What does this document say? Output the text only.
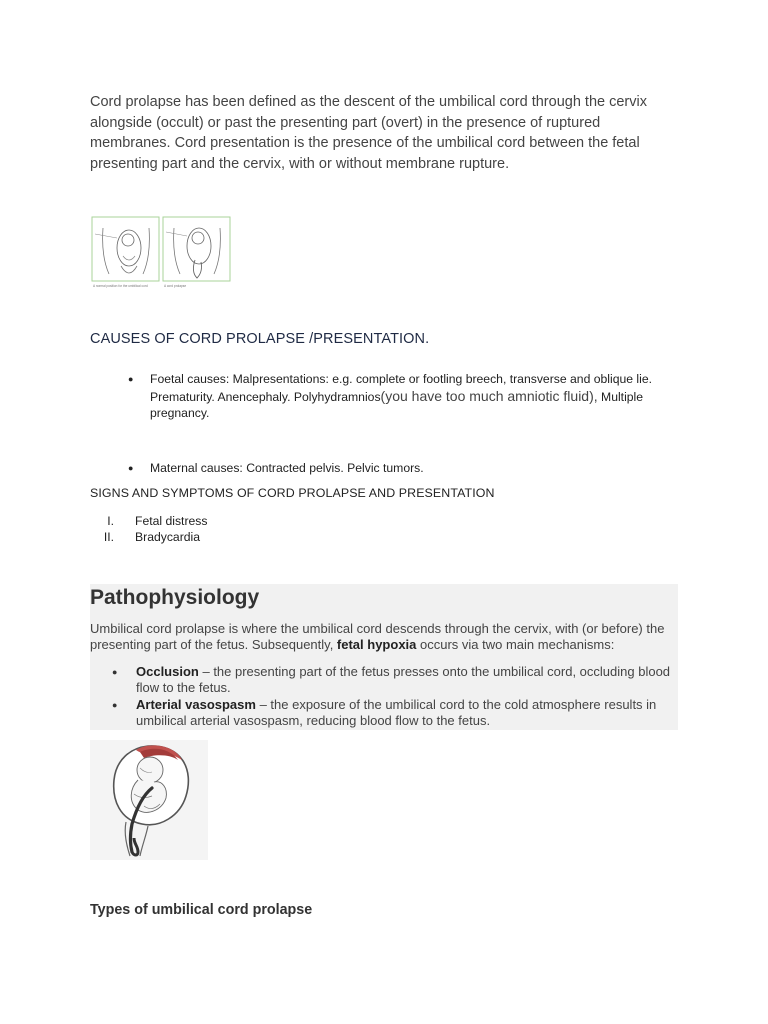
Cord prolapse has been defined as the descent of the umbilical cord through the cervix alongside (occult) or past the presenting part (overt) in the presence of ruptured membranes. Cord presentation is the presence of the umbilical cord between the fetal presenting part and the cervix, with or without membrane rupture.

A normal position for the umbilical cord	A cord prolapse
CAUSES OF CORD PROLAPSE /PRESENTATION.
● Foetal causes: Malpresentations: e.g. complete or footling breech, transverse and oblique lie. Prematurity. Anencephaly. Polyhydramnios(you have too much amniotic fluid), Multiple pregnancy.
● Maternal causes: Contracted pelvis. Pelvic tumors.
SIGNS AND SYMPTOMS OF CORD PROLAPSE AND PRESENTATION
I. Fetal distress
II. Bradycardia
Pathophysiology

Umbilical cord prolapse is where the umbilical cord descends through the cervix, with (or before) the presenting part of the fetus. Subsequently, fetal hypoxia occurs via two main mechanisms:

● Occlusion – the presenting part of the fetus presses onto the umbilical cord, occluding blood flow to the fetus.
● Arterial vasospasm – the exposure of the umbilical cord to the cold atmosphere results in umbilical arterial vasospasm, reducing blood flow to the fetus.
Types of umbilical cord prolapse
